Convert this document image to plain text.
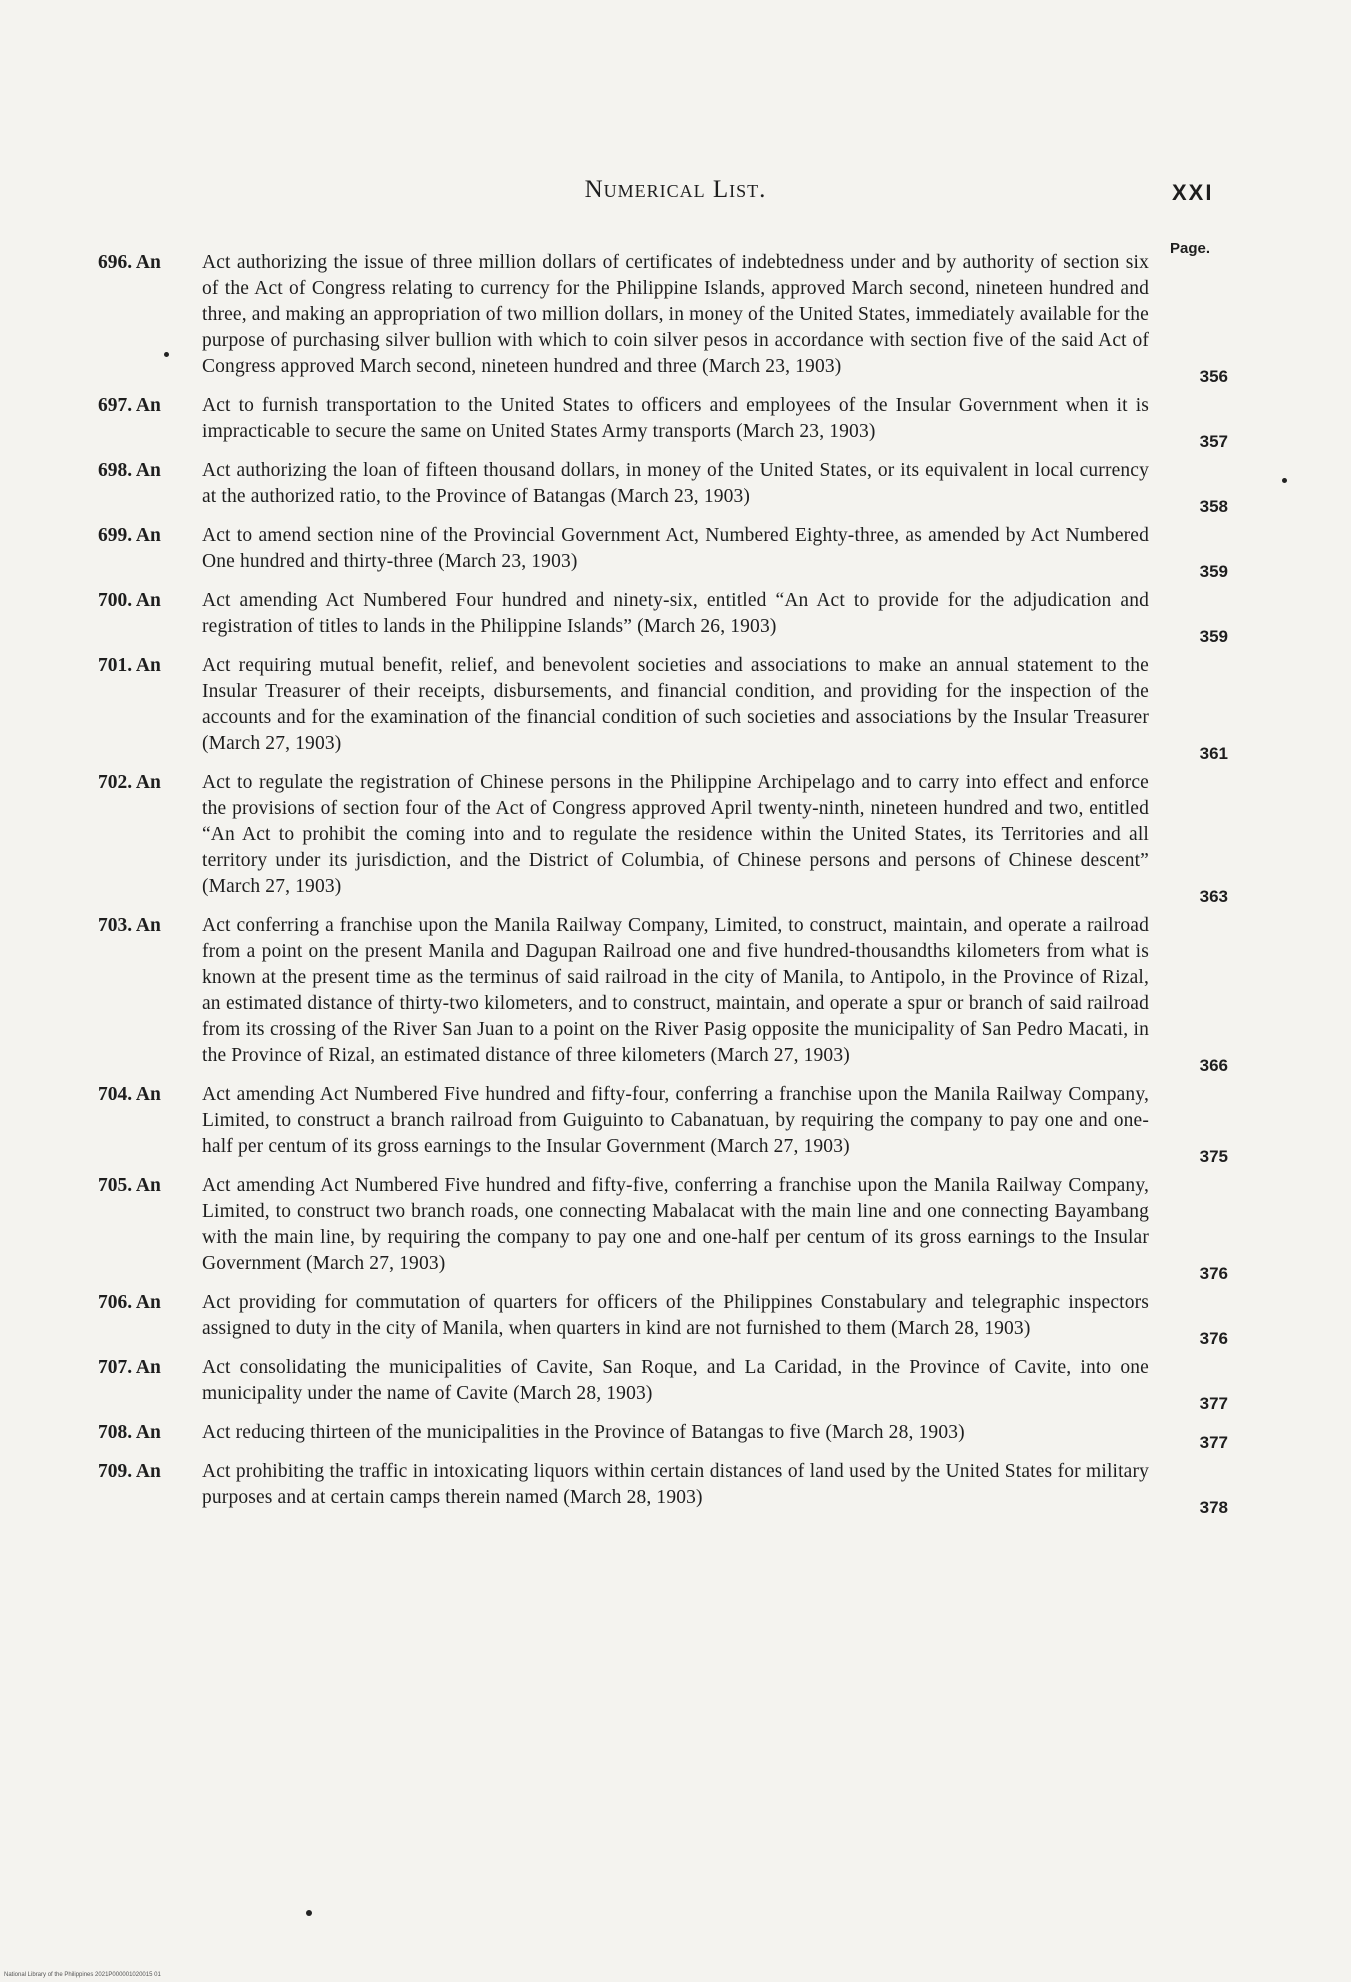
Numerical List.	XXI
Page.
696. An	Act authorizing the issue of three million dollars of certificates of indebtedness under and by authority of section six of the Act of Congress relating to currency for the Philippine Islands, approved March second, nineteen hundred and three, and making an appropriation of two million dollars, in money of the United States, immediately available for the purpose of purchasing silver bullion with which to coin silver pesos in accordance with section five of the said Act of Congress approved March second, nineteen hundred and three (March 23, 1903)	356
697. An	Act to furnish transportation to the United States to officers and employees of the Insular Government when it is impracticable to secure the same on United States Army transports (March 23, 1903)	357
698. An	Act authorizing the loan of fifteen thousand dollars, in money of the United States, or its equivalent in local currency at the authorized ratio, to the Province of Batangas (March 23, 1903)	358
699. An	Act to amend section nine of the Provincial Government Act, Numbered Eighty-three, as amended by Act Numbered One hundred and thirty-three (March 23, 1903)	359
700. An	Act amending Act Numbered Four hundred and ninety-six, entitled “An Act to provide for the adjudication and registration of titles to lands in the Philippine Islands” (March 26, 1903)	359
701. An	Act requiring mutual benefit, relief, and benevolent societies and associations to make an annual statement to the Insular Treasurer of their receipts, disbursements, and financial condition, and providing for the inspection of the accounts and for the examination of the financial condition of such societies and associations by the Insular Treasurer (March 27, 1903)	361
702. An	Act to regulate the registration of Chinese persons in the Philippine Archipelago and to carry into effect and enforce the provisions of section four of the Act of Congress approved April twenty-ninth, nineteen hundred and two, entitled “An Act to prohibit the coming into and to regulate the residence within the United States, its Territories and all territory under its jurisdiction, and the District of Columbia, of Chinese persons and persons of Chinese descent” (March 27, 1903)	363
703. An	Act conferring a franchise upon the Manila Railway Company, Limited, to construct, maintain, and operate a railroad from a point on the present Manila and Dagupan Railroad one and five hundred-thousandths kilometers from what is known at the present time as the terminus of said railroad in the city of Manila, to Antipolo, in the Province of Rizal, an estimated distance of thirty-two kilometers, and to construct, maintain, and operate a spur or branch of said railroad from its crossing of the River San Juan to a point on the River Pasig opposite the municipality of San Pedro Macati, in the Province of Rizal, an estimated distance of three kilometers (March 27, 1903)	366
704. An	Act amending Act Numbered Five hundred and fifty-four, conferring a franchise upon the Manila Railway Company, Limited, to construct a branch railroad from Guiguinto to Cabanatuan, by requiring the company to pay one and one-half per centum of its gross earnings to the Insular Government (March 27, 1903)	375
705. An	Act amending Act Numbered Five hundred and fifty-five, conferring a franchise upon the Manila Railway Company, Limited, to construct two branch roads, one connecting Mabalacat with the main line and one connecting Bayambang with the main line, by requiring the company to pay one and one-half per centum of its gross earnings to the Insular Government (March 27, 1903)	376
706. An	Act providing for commutation of quarters for officers of the Philippines Constabulary and telegraphic inspectors assigned to duty in the city of Manila, when quarters in kind are not furnished to them (March 28, 1903)	376
707. An	Act consolidating the municipalities of Cavite, San Roque, and La Caridad, in the Province of Cavite, into one municipality under the name of Cavite (March 28, 1903)	377
708. An	Act reducing thirteen of the municipalities in the Province of Batangas to five (March 28, 1903)	377
709. An	Act prohibiting the traffic in intoxicating liquors within certain distances of land used by the United States for military purposes and at certain camps therein named (March 28, 1903)	378
National Library of the Philippines 2021P000001020015 01
